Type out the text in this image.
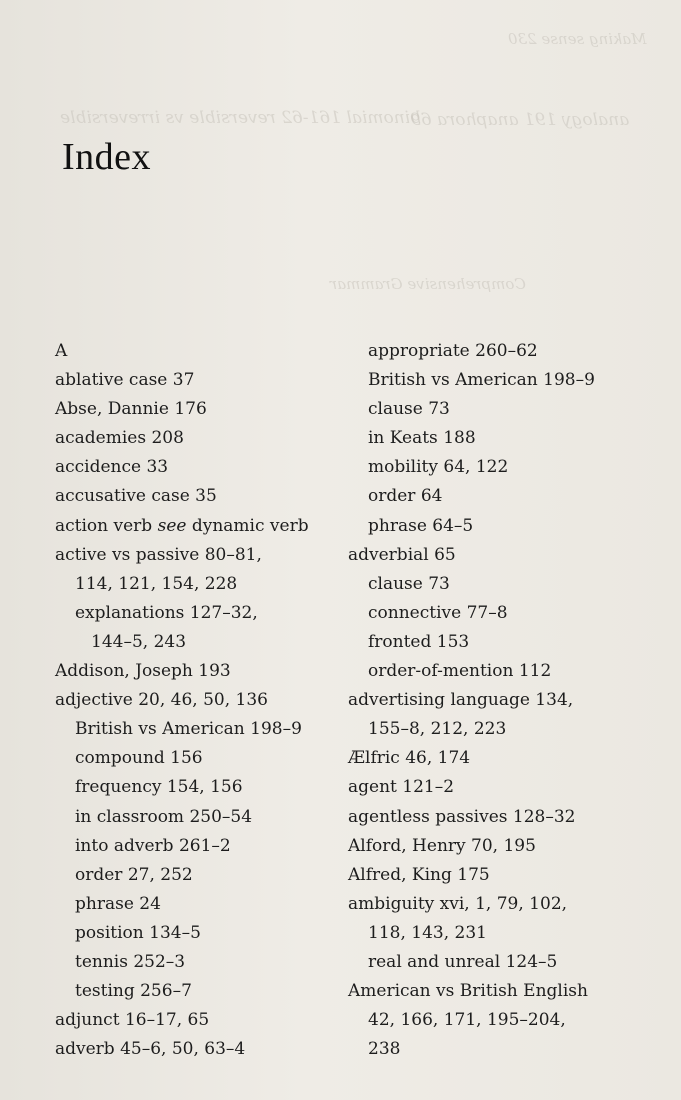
Making sense 230
binomial 161-62 reversible vs irreversible
analogy 191 anaphora 69
Comprehensive Grammar
Index
A
ablative case 37
Abse, Dannie 176
academies 208
accidence 33
accusative case 35
action verb see dynamic verb
active vs passive 80–81,
114, 121, 154, 228
explanations 127–32,
144–5, 243
Addison, Joseph 193
adjective 20, 46, 50, 136
British vs American 198–9
compound 156
frequency 154, 156
in classroom 250–54
into adverb 261–2
order 27, 252
phrase 24
position 134–5
tennis 252–3
testing 256–7
adjunct 16–17, 65
adverb 45–6, 50, 63–4
appropriate 260–62
British vs American 198–9
clause 73
in Keats 188
mobility 64, 122
order 64
phrase 64–5
adverbial 65
clause 73
connective 77–8
fronted 153
order-of-mention 112
advertising language 134,
155–8, 212, 223
Ælfric 46, 174
agent 121–2
agentless passives 128–32
Alford, Henry 70, 195
Alfred, King 175
ambiguity xvi, 1, 79, 102,
118, 143, 231
real and unreal 124–5
American vs British English
42, 166, 171, 195–204,
238
